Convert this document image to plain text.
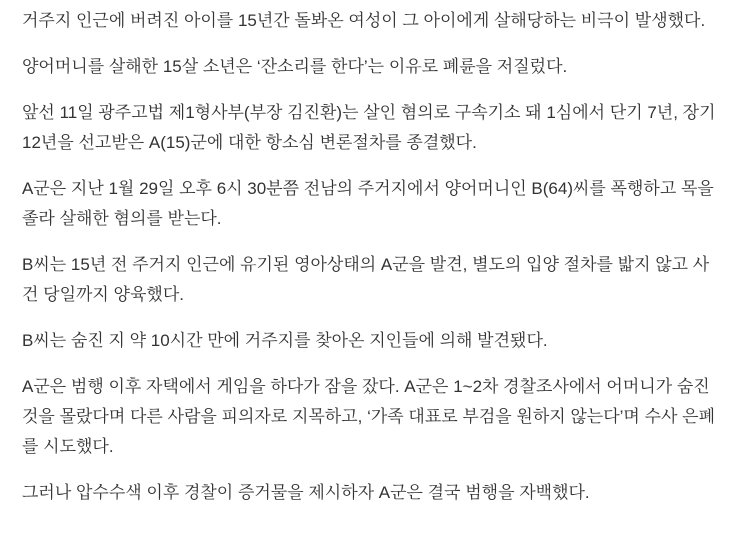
거주지 인근에 버려진 아이를 15년간 돌봐온 여성이 그 아이에게 살해당하는 비극이 발생했다.

양어머니를 살해한 15살 소년은 ‘잔소리를 한다’는 이유로 폐륜을 저질렀다.

앞선 11일 광주고법 제1형사부(부장 김진환)는 살인 혐의로 구속기소 돼 1심에서 단기 7년, 장기 12년을 선고받은 A(15)군에 대한 항소심 변론절차를 종결했다.

A군은 지난 1월 29일 오후 6시 30분쯤 전남의 주거지에서 양어머니인 B(64)씨를 폭행하고 목을 졸라 살해한 혐의를 받는다.

B씨는 15년 전 주거지 인근에 유기된 영아상태의 A군을 발견, 별도의 입양 절차를 밟지 않고 사건 당일까지 양육했다.

B씨는 숨진 지 약 10시간 만에 거주지를 찾아온 지인들에 의해 발견됐다.

A군은 범행 이후 자택에서 게임을 하다가 잠을 잤다. A군은 1~2차 경찰조사에서 어머니가 숨진 것을 몰랐다며 다른 사람을 피의자로 지목하고, ‘가족 대표로 부검을 원하지 않는다’며 수사 은폐를 시도했다.

그러나 압수수색 이후 경찰이 증거물을 제시하자 A군은 결국 범행을 자백했다.
